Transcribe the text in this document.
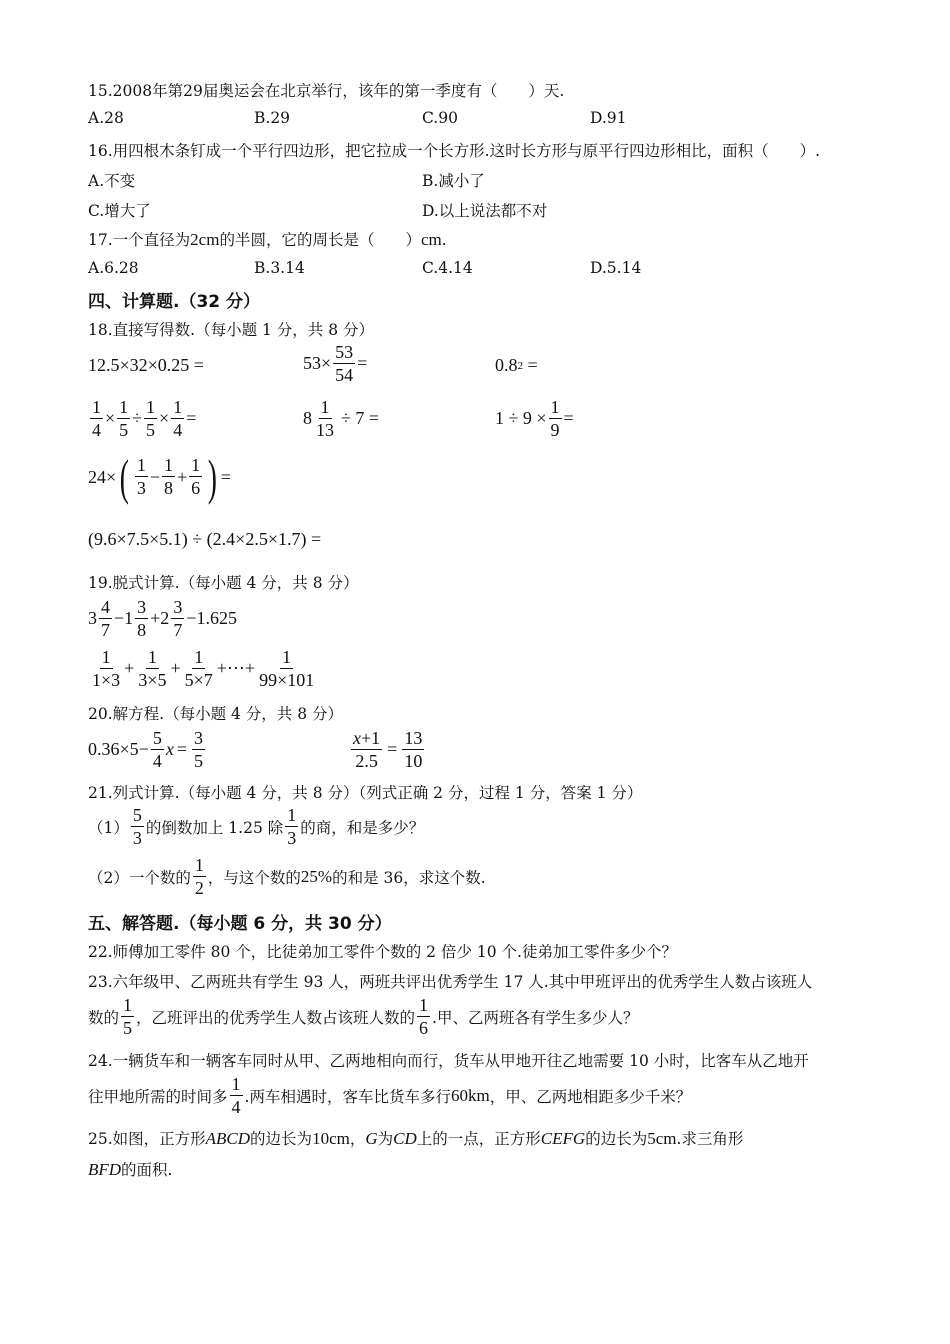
15.2008年第29届奥运会在北京举行，该年的第一季度有（　　）天.
A.28	B.29	C.90	D.91
16.用四根木条钉成一个平行四边形，把它拉成一个长方形.这时长方形与原平行四边形相比，面积（　　）.
A.不变	B.减小了
C.增大了	D.以上说法都不对
17.一个直径为2cm的半圆，它的周长是（　　）cm.
A.6.28	B.3.14	C.4.14	D.5.14
四、计算题.（32 分）
18.直接写得数.（每小题 1 分，共 8 分）
12.5×32×0.25 =	$53\times \frac{53}{54}$ =	0.8 2 =
$\frac{1}{4} \times \frac{1}{5} \div \frac{1}{5} \times \frac{1}{4}$ =	$8 \frac{1}{13} \div 7$ =	$1 \div 9 \times \frac{1}{9}$ =
24× ( 1
3
− $\frac{1}{8} + \frac{1}{6}$ ) =
(9.6×7.5×5.1) ÷ (2.4×2.5×1.7) =
19.脱式计算.（每小题 4 分，共 8 分）
3
4
7
−1
3
8
+2
3
7
−1.625
1
1×3
+ $\frac{1}{3\times 5} + \frac{1}{5\times 7}$ +⋯+ $\frac{1}{99\times 101}$
20.解方程.（每小题 4 分，共 8 分）
$0.36\times 5- \frac{5}{4}$ $x = \frac{3}{5}$	$\frac{x+1}{2.5} = \frac{13}{10}$
21.列式计算.（每小题 4 分，共 8 分）（列式正确 2 分，过程 1 分，答案 1 分）
（1）
5
3 的倒数加上 1.25 除
1
3 的商，和是多少？
（2）一个数的
1
2 ，与这个数的 25% 的和是 36，求这个数.
五、解答题.（每小题 6 分，共 30 分）
22.师傅加工零件 80 个，比徒弟加工零件个数的 2 倍少 10 个.徒弟加工零件多少个？
23.六年级甲、乙两班共有学生 93 人，两班共评出优秀学生 17 人.其中甲班评出的优秀学生人数占该班人
数的
1
5 ，乙班评出的优秀学生人数占该班人数的
1
6 .甲、乙两班各有学生多少人？
24.一辆货车和一辆客车同时从甲、乙两地相向而行，货车从甲地开往乙地需要 10 小时，比客车从乙地开
往甲地所需的时间多
1
4 .两车相遇时，客车比货车多行 60km ，甲、乙两地相距多少千米？
25.如图，正方形ABCD的边长为10cm，G为CD上的一点，正方形CEFG的边长为5cm.求三角形
BFD的面积.
